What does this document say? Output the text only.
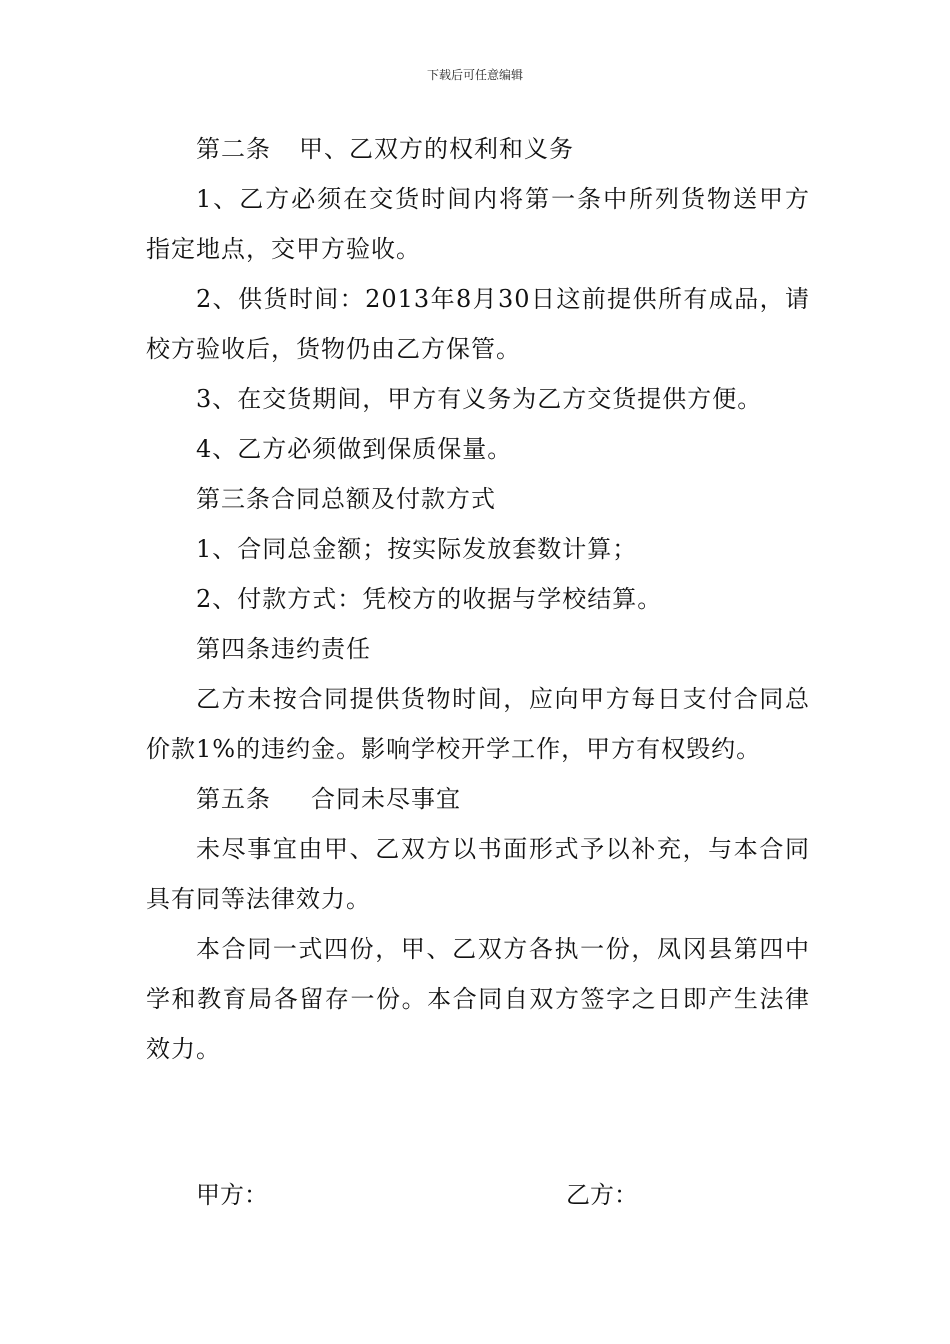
下载后可任意编辑

第二条 甲、乙双方的权利和义务

1、乙方必须在交货时间内将第一条中所列货物送甲方指定地点，交甲方验收。

2、供货时间：2013年8月30日这前提供所有成品，请校方验收后，货物仍由乙方保管。

3、在交货期间，甲方有义务为乙方交货提供方便。

4、乙方必须做到保质保量。

第三条合同总额及付款方式

1、合同总金额；按实际发放套数计算；

2、付款方式：凭校方的收据与学校结算。

第四条违约责任

乙方未按合同提供货物时间，应向甲方每日支付合同总价款1%的违约金。影响学校开学工作，甲方有权毁约。

第五条 合同未尽事宜

未尽事宜由甲、乙双方以书面形式予以补充，与本合同具有同等法律效力。

本合同一式四份，甲、乙双方各执一份，凤冈县第四中学和教育局各留存一份。本合同自双方签字之日即产生法律效力。

甲方：	乙方：
